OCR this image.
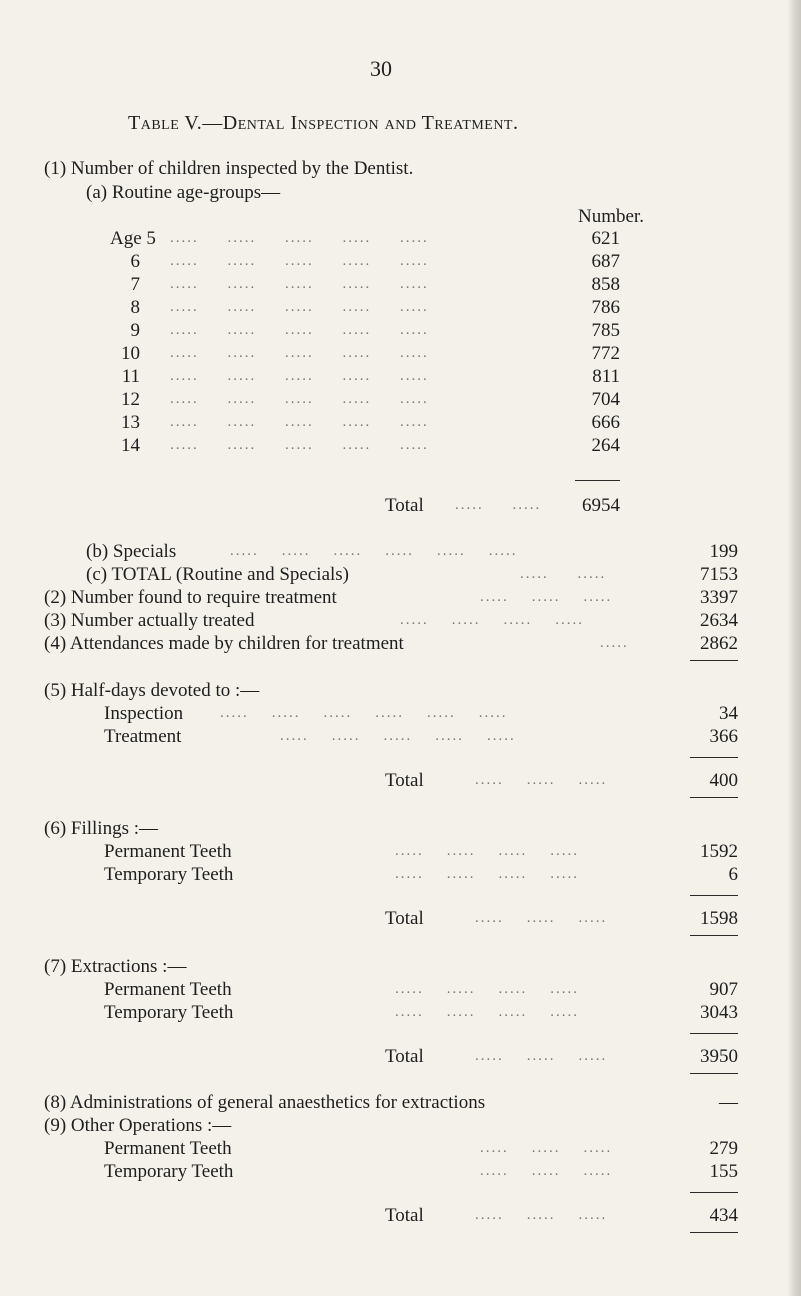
30
Table V.—Dental Inspection and Treatment.
(1) Number of children inspected by the Dentist.
(a) Routine age-groups—
Number.
Age 5 .....     .....     .....     .....     .....	621
6 .....     .....     .....     .....     .....	687
7 .....     .....     .....     .....     .....	858
8 .....     .....     .....     .....     .....	786
9 .....     .....     .....     .....     .....	785
10 .....     .....     .....     .....     .....	772
11 .....     .....     .....     .....     .....	811
12 .....     .....     .....     .....     .....	704
13 .....     .....     .....     .....     .....	666
14 .....     .....     .....     .....     .....	264
Total .....     .....	6954
(b) Specials	.....    .....    .....    .....    .....    .....	199
(c) TOTAL (Routine and Specials)	.....     .....	7153
(2) Number found to require treatment	.....    .....    .....	3397
(3) Number actually treated	.....    .....    .....    .....	2634
(4) Attendances made by children for treatment	.....	2862
(5) Half-days devoted to :—
Inspection .....    .....    .....    .....    .....    .....	34
Treatment	.....    .....    .....    .....    .....	366
Total	.....    .....    .....	400
(6) Fillings :—
Permanent Teeth	.....    .....    .....    .....	1592
Temporary Teeth	.....    .....    .....    .....	6
Total	.....    .....    .....	1598
(7) Extractions :—
Permanent Teeth	.....    .....    .....    .....	907
Temporary Teeth	.....    .....    .....    .....	3043
Total	.....    .....    .....	3950
(8) Administrations of general anaesthetics for extractions	—
(9) Other Operations :—
Permanent Teeth	.....    .....    .....	279
Temporary Teeth	.....    .....    .....	155
Total	.....    .....    .....	434
